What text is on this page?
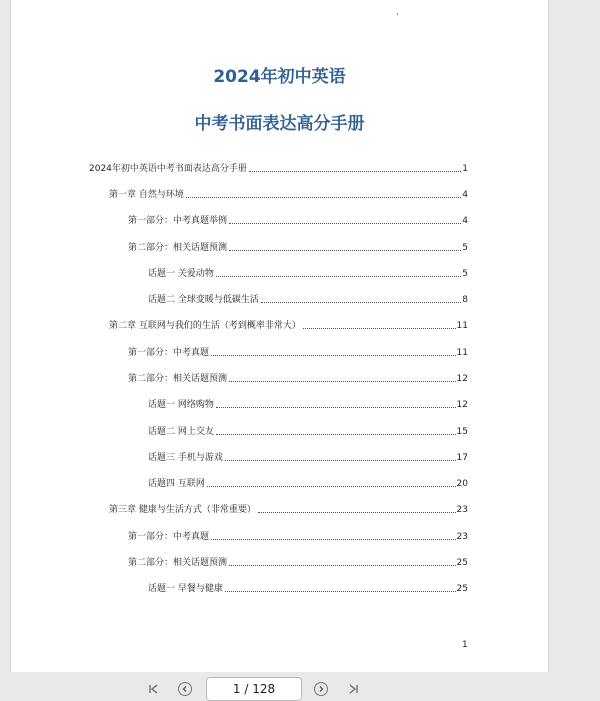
2024年初中英语
中考书面表达高分手册
2024年初中英语中考书面表达高分手册	1
第一章 自然与环境	4
第一部分：中考真题举例	4
第二部分：相关话题预测	5
话题一 关爱动物	5
话题二 全球变暖与低碳生活	8
第二章 互联网与我们的生活（考到概率非常大）	11
第一部分：中考真题	11
第二部分：相关话题预测	12
话题一 网络购物	12
话题二 网上交友	15
话题三 手机与游戏	17
话题四 互联网	20
第三章 健康与生活方式（非常重要）	23
第一部分：中考真题	23
第二部分：相关话题预测	25
话题一 早餐与健康	25
1
1 / 128
